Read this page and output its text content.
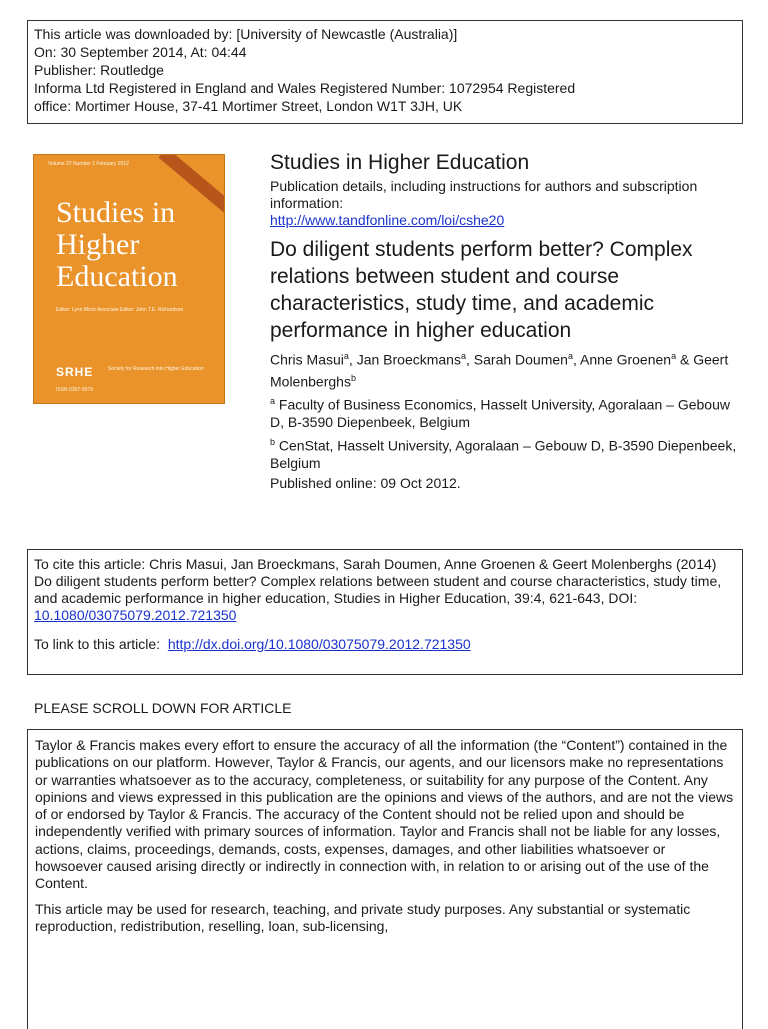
This article was downloaded by: [University of Newcastle (Australia)]
On: 30 September 2014, At: 04:44
Publisher: Routledge
Informa Ltd Registered in England and Wales Registered Number: 1072954 Registered
office: Mortimer House, 37-41 Mortimer Street, London W1T 3JH, UK
Volume 37 Number 1 February 2012
Studies in Higher Education
Editor: Lynn Mock Associate Editor: John T.E. Richardson
SRHE	Society for Research into Higher Education
ISSN 0307-5079
Studies in Higher Education
Publication details, including instructions for authors and subscription information:
http://www.tandfonline.com/loi/cshe20
Do diligent students perform better? Complex relations between student and course characteristics, study time, and academic performance in higher education
Chris Masui$^a$, Jan Broeckmans$^a$, Sarah Doumen$^a$, Anne Groenen$^a$ & Geert Molenberghs$^b$
$^a$ Faculty of Business Economics, Hasselt University, Agoralaan – Gebouw D, B-3590 Diepenbeek, Belgium
$^b$ CenStat, Hasselt University, Agoralaan – Gebouw D, B-3590 Diepenbeek, Belgium
Published online: 09 Oct 2012.
To cite this article: Chris Masui, Jan Broeckmans, Sarah Doumen, Anne Groenen & Geert Molenberghs (2014) Do diligent students perform better? Complex relations between student and course characteristics, study time, and academic performance in higher education, Studies in Higher Education, 39:4, 621-643, DOI: 10.1080/03075079.2012.721350
To link to this article: http://dx.doi.org/10.1080/03075079.2012.721350
PLEASE SCROLL DOWN FOR ARTICLE

Taylor & Francis makes every effort to ensure the accuracy of all the information (the “Content”) contained in the publications on our platform. However, Taylor & Francis, our agents, and our licensors make no representations or warranties whatsoever as to the accuracy, completeness, or suitability for any purpose of the Content. Any opinions and views expressed in this publication are the opinions and views of the authors, and are not the views of or endorsed by Taylor & Francis. The accuracy of the Content should not be relied upon and should be independently verified with primary sources of information. Taylor and Francis shall not be liable for any losses, actions, claims, proceedings, demands, costs, expenses, damages, and other liabilities whatsoever or howsoever caused arising directly or indirectly in connection with, in relation to or arising out of the use of the Content.

This article may be used for research, teaching, and private study purposes. Any substantial or systematic reproduction, redistribution, reselling, loan, sub-licensing,
